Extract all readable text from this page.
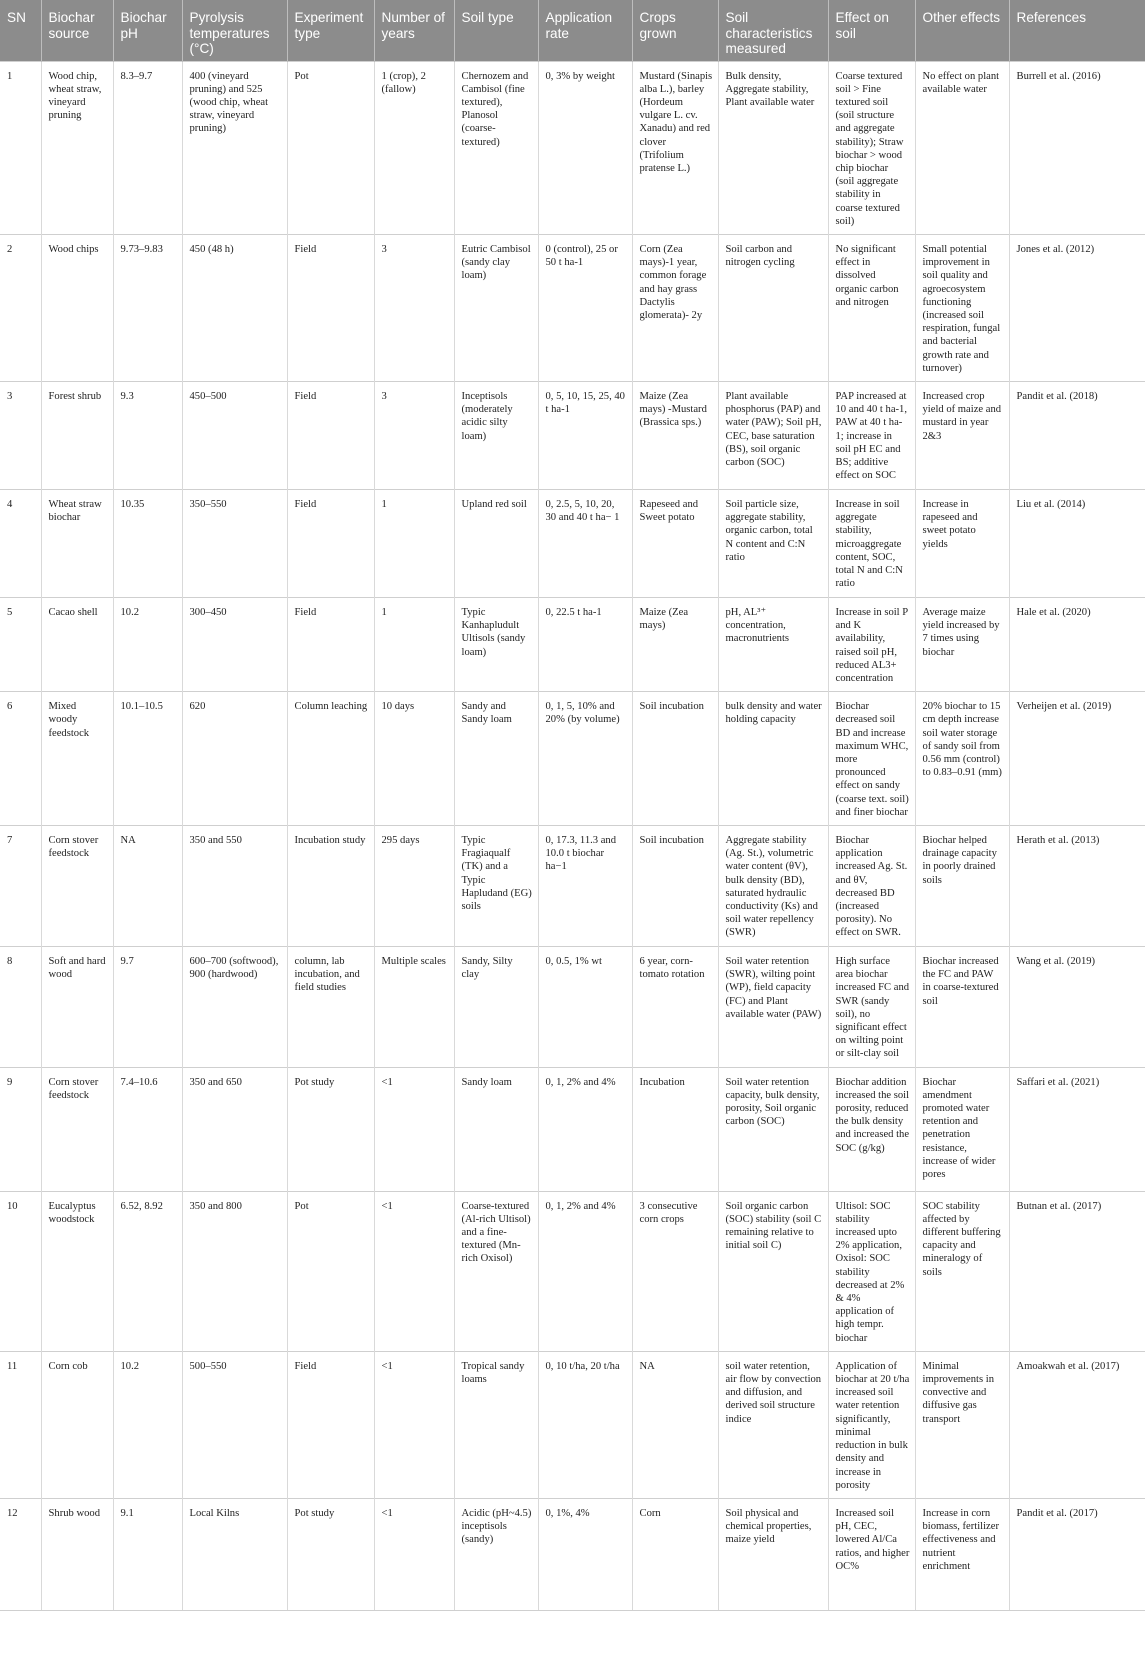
SN	Biochar source	Biochar pH	Pyrolysis temperatures (°C)	Experiment type	Number of years	Soil type	Application rate	Crops grown	Soil characteristics measured	Effect on soil	Other effects	References
1	Wood chip, wheat straw, vineyard pruning	8.3–9.7	400 (vineyard pruning) and 525 (wood chip, wheat straw, vineyard pruning)	Pot	1 (crop), 2 (fallow)	Chernozem and Cambisol (fine textured), Planosol (coarse-textured)	0, 3% by weight	Mustard (Sinapis alba L.), barley (Hordeum vulgare L. cv. Xanadu) and red clover (Trifolium pratense L.)	Bulk density, Aggregate stability, Plant available water	Coarse textured soil > Fine textured soil (soil structure and aggregate stability); Straw biochar > wood chip biochar (soil aggregate stability in coarse textured soil)	No effect on plant available water	Burrell et al. (2016)
2	Wood chips	9.73–9.83	450 (48 h)	Field	3	Eutric Cambisol (sandy clay loam)	0 (control), 25 or 50 t ha-1	Corn (Zea mays)-1 year, common forage and hay grass Dactylis glomerata)- 2y	Soil carbon and nitrogen cycling	No significant effect in dissolved organic carbon and nitrogen	Small potential improvement in soil quality and agroecosystem functioning (increased soil respiration, fungal and bacterial growth rate and turnover)	Jones et al. (2012)
3	Forest shrub	9.3	450–500	Field	3	Inceptisols (moderately acidic silty loam)	0, 5, 10, 15, 25, 40 t ha-1	Maize (Zea mays) -Mustard (Brassica sps.)	Plant available phosphorus (PAP) and water (PAW); Soil pH, CEC, base saturation (BS), soil organic carbon (SOC)	PAP increased at 10 and 40 t ha-1, PAW at 40 t ha-1; increase in soil pH EC and BS; additive effect on SOC	Increased crop yield of maize and mustard in year 2&3	Pandit et al. (2018)
4	Wheat straw biochar	10.35	350–550	Field	1	Upland red soil	0, 2.5, 5, 10, 20, 30 and 40 t ha− 1	Rapeseed and Sweet potato	Soil particle size, aggregate stability, organic carbon, total N content and C:N ratio	Increase in soil aggregate stability, microaggregate content, SOC, total N and C:N ratio	Increase in rapeseed and sweet potato yields	Liu et al. (2014)
5	Cacao shell	10.2	300–450	Field	1	Typic Kanhapludult Ultisols (sandy loam)	0, 22.5 t ha-1	Maize (Zea mays)	pH, AL³⁺ concentration, macronutrients	Increase in soil P and K availability, raised soil pH, reduced AL3+ concentration	Average maize yield increased by 7 times using biochar	Hale et al. (2020)
6	Mixed woody feedstock	10.1–10.5	620	Column leaching	10 days	Sandy and Sandy loam	0, 1, 5, 10% and 20% (by volume)	Soil incubation	bulk density and water holding capacity	Biochar decreased soil BD and increase maximum WHC, more pronounced effect on sandy (coarse text. soil) and finer biochar	20% biochar to 15 cm depth increase soil water storage of sandy soil from 0.56 mm (control) to 0.83–0.91 (mm)	Verheijen et al. (2019)
7	Corn stover feedstock	NA	350 and 550	Incubation study	295 days	Typic Fragiaqualf (TK) and a Typic Hapludand (EG) soils	0, 17.3, 11.3 and 10.0 t biochar ha−1	Soil incubation	Aggregate stability (Ag. St.), volumetric water content (θV), bulk density (BD), saturated hydraulic conductivity (Ks) and soil water repellency (SWR)	Biochar application increased Ag. St. and θV, decreased BD (increased porosity). No effect on SWR.	Biochar helped drainage capacity in poorly drained soils	Herath et al. (2013)
8	Soft and hard wood	9.7	600–700 (softwood), 900 (hardwood)	column, lab incubation, and field studies	Multiple scales	Sandy, Silty clay	0, 0.5, 1% wt	6 year, corn-tomato rotation	Soil water retention (SWR), wilting point (WP), field capacity (FC) and Plant available water (PAW)	High surface area biochar increased FC and SWR (sandy soil), no significant effect on wilting point or silt-clay soil	Biochar increased the FC and PAW in coarse-textured soil	Wang et al. (2019)
9	Corn stover feedstock	7.4–10.6	350 and 650	Pot study	<1	Sandy loam	0, 1, 2% and 4%	Incubation	Soil water retention capacity, bulk density, porosity, Soil organic carbon (SOC)	Biochar addition increased the soil porosity, reduced the bulk density and increased the SOC (g/kg)	Biochar amendment promoted water retention and penetration resistance, increase of wider pores	Saffari et al. (2021)
10	Eucalyptus woodstock	6.52, 8.92	350 and 800	Pot	<1	Coarse-textured (Al-rich Ultisol) and a fine-textured (Mn-rich Oxisol)	0, 1, 2% and 4%	3 consecutive corn crops	Soil organic carbon (SOC) stability (soil C remaining relative to initial soil C)	Ultisol: SOC stability increased upto 2% application, Oxisol: SOC stability decreased at 2% & 4% application of high tempr. biochar	SOC stability affected by different buffering capacity and mineralogy of soils	Butnan et al. (2017)
11	Corn cob	10.2	500–550	Field	<1	Tropical sandy loams	0, 10 t/ha, 20 t/ha	NA	soil water retention, air flow by convection and diffusion, and derived soil structure indice	Application of biochar at 20 t/ha increased soil water retention significantly, minimal reduction in bulk density and increase in porosity	Minimal improvements in convective and diffusive gas transport	Amoakwah et al. (2017)
12	Shrub wood	9.1	Local Kilns	Pot study	<1	Acidic (pH~4.5) inceptisols (sandy)	0, 1%, 4%	Corn	Soil physical and chemical properties, maize yield	Increased soil pH, CEC, lowered Al/Ca ratios, and higher OC%	Increase in corn biomass, fertilizer effectiveness and nutrient enrichment	Pandit et al. (2017)
